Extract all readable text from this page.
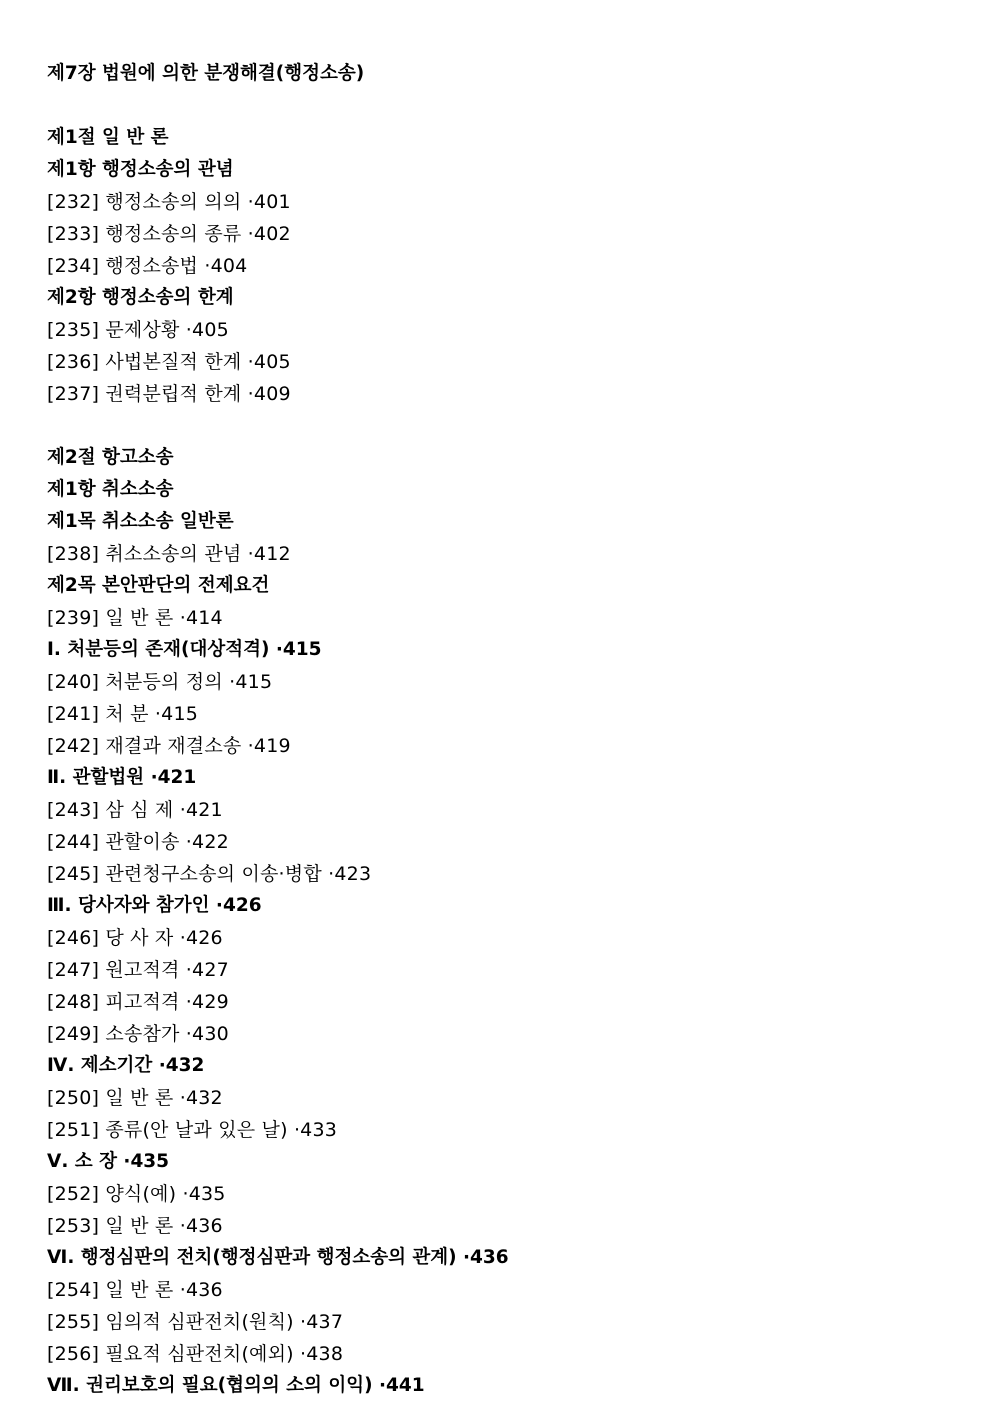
제7장 법원에 의한 분쟁해결(행정소송)
제1절 일 반 론
제1항 행정소송의 관념
[232] 행정소송의 의의 ·401
[233] 행정소송의 종류 ·402
[234] 행정소송법 ·404
제2항 행정소송의 한계
[235] 문제상황 ·405
[236] 사법본질적 한계 ·405
[237] 권력분립적 한계 ·409
제2절 항고소송
제1항 취소소송
제1목 취소소송 일반론
[238] 취소소송의 관념 ·412
제2목 본안판단의 전제요건
[239] 일 반 론 ·414
Ⅰ. 처분등의 존재(대상적격) ·415
[240] 처분등의 정의 ·415
[241] 처 분 ·415
[242] 재결과 재결소송 ·419
Ⅱ. 관할법원 ·421
[243] 삼 심 제 ·421
[244] 관할이송 ·422
[245] 관련청구소송의 이송·병합 ·423
Ⅲ. 당사자와 참가인 ·426
[246] 당 사 자 ·426
[247] 원고적격 ·427
[248] 피고적격 ·429
[249] 소송참가 ·430
Ⅳ. 제소기간 ·432
[250] 일 반 론 ·432
[251] 종류(안 날과 있은 날) ·433
Ⅴ. 소 장 ·435
[252] 양식(예) ·435
[253] 일 반 론 ·436
Ⅵ. 행정심판의 전치(행정심판과 행정소송의 관계) ·436
[254] 일 반 론 ·436
[255] 임의적 심판전치(원칙) ·437
[256] 필요적 심판전치(예외) ·438
Ⅶ. 권리보호의 필요(협의의 소의 이익) ·441
